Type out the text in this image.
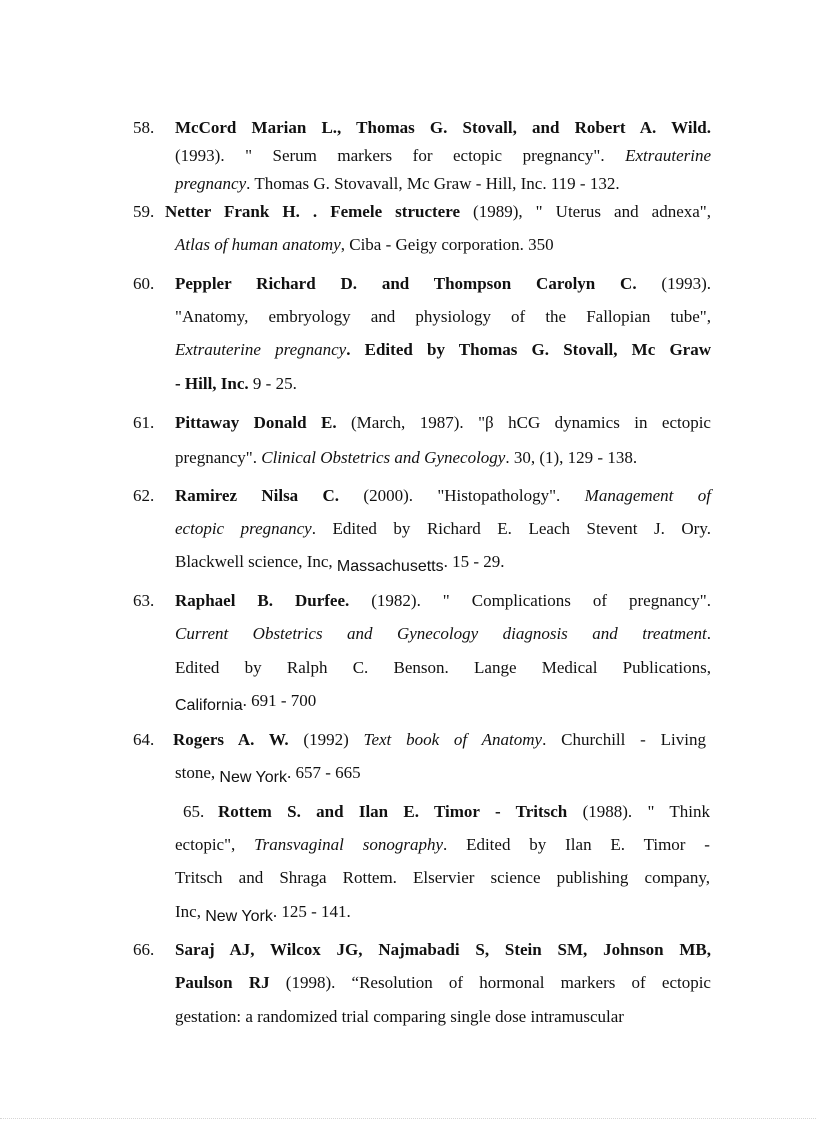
58. McCord Marian L., Thomas G. Stovall, and Robert A. Wild.
(1993). " Serum markers for ectopic pregnancy". Extrauterine
pregnancy. Thomas G. Stovavall, Mc Graw - Hill, Inc. 119 - 132.
59. Netter Frank H. . Femele structere (1989), " Uterus and adnexa",
Atlas of human anatomy, Ciba - Geigy corporation. 350
60. Peppler Richard D. and Thompson Carolyn C. (1993).
"Anatomy, embryology and physiology of the Fallopian tube",
Extrauterine pregnancy. Edited by Thomas G. Stovall, Mc Graw
- Hill, Inc. 9 - 25.
61. Pittaway Donald E. (March, 1987). "β hCG dynamics in ectopic
pregnancy". Clinical Obstetrics and Gynecology. 30, (1), 129 - 138.
62. Ramirez Nilsa C. (2000). "Histopathology". Management of
ectopic pregnancy. Edited by Richard E. Leach Stevent J. Ory.
Blackwell science, Inc, Massachusetts. 15 - 29.
63. Raphael B. Durfee. (1982). " Complications of pregnancy".
Current Obstetrics and Gynecology diagnosis and treatment.
Edited by Ralph C. Benson. Lange Medical Publications,
California. 691 - 700
64. Rogers A. W. (1992) Text book of Anatomy. Churchill - Living
stone, New York. 657 - 665
65. Rottem S. and Ilan E. Timor - Tritsch (1988). " Think
ectopic", Transvaginal sonography. Edited by Ilan E. Timor -
Tritsch and Shraga Rottem. Elservier science publishing company,
Inc, New York. 125 - 141.
66. Saraj AJ, Wilcox JG, Najmabadi S, Stein SM, Johnson MB,
Paulson RJ (1998). “Resolution of hormonal markers of ectopic
gestation: a randomized trial comparing single dose intramuscular
